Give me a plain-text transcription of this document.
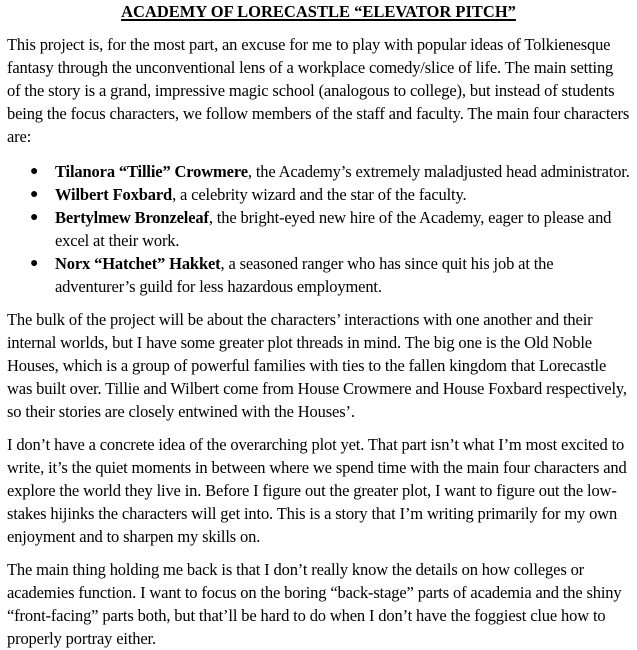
ACADEMY OF LORECASTLE “ELEVATOR PITCH”

This project is, for the most part, an excuse for me to play with popular ideas of Tolkienesque fantasy through the unconventional lens of a workplace comedy/slice of life. The main setting of the story is a grand, impressive magic school (analogous to college), but instead of students being the focus characters, we follow members of the staff and faculty. The main four characters are:

● Tilanora “Tillie” Crowmere, the Academy’s extremely maladjusted head administrator.
● Wilbert Foxbard, a celebrity wizard and the star of the faculty.
● Bertylmew Bronzeleaf, the bright-eyed new hire of the Academy, eager to please and excel at their work.
● Norx “Hatchet” Hakket, a seasoned ranger who has since quit his job at the adventurer’s guild for less hazardous employment.

The bulk of the project will be about the characters’ interactions with one another and their internal worlds, but I have some greater plot threads in mind. The big one is the Old Noble Houses, which is a group of powerful families with ties to the fallen kingdom that Lorecastle was built over. Tillie and Wilbert come from House Crowmere and House Foxbard respectively, so their stories are closely entwined with the Houses’.

I don’t have a concrete idea of the overarching plot yet. That part isn’t what I’m most excited to write, it’s the quiet moments in between where we spend time with the main four characters and explore the world they live in. Before I figure out the greater plot, I want to figure out the low-stakes hijinks the characters will get into. This is a story that I’m writing primarily for my own enjoyment and to sharpen my skills on.

The main thing holding me back is that I don’t really know the details on how colleges or academies function. I want to focus on the boring “back-stage” parts of academia and the shiny “front-facing” parts both, but that’ll be hard to do when I don’t have the foggiest clue how to properly portray either.
